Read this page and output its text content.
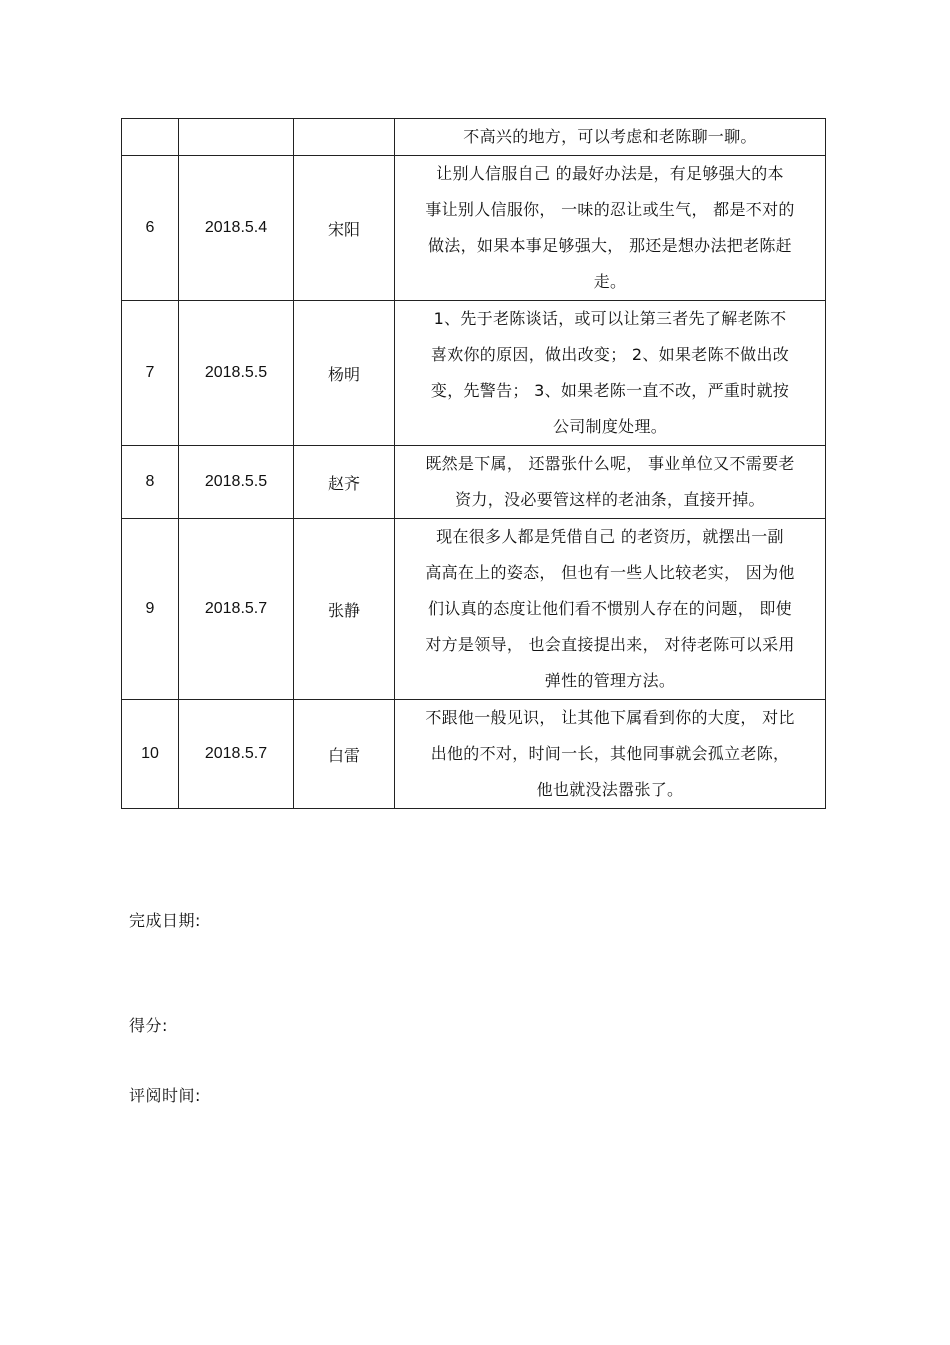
			不高兴的地方，可以考虑和老陈聊一聊。
6	2018.5.4	宋阳	让别人信服自己 的最好办法是，有足够强大的本
事让别人信服你， 一味的忍让或生气， 都是不对的
做法，如果本事足够强大， 那还是想办法把老陈赶
走。
7	2018.5.5	杨明	1、先于老陈谈话，或可以让第三者先了解老陈不
喜欢你的原因，做出改变； 2、如果老陈不做出改
变，先警告； 3、如果老陈一直不改，严重时就按
公司制度处理。
8	2018.5.5	赵齐	既然是下属， 还嚣张什么呢， 事业单位又不需要老
资力，没必要管这样的老油条，直接开掉。
9	2018.5.7	张静	现在很多人都是凭借自己 的老资历，就摆出一副
高高在上的姿态， 但也有一些人比较老实， 因为他
们认真的态度让他们看不惯别人存在的问题， 即使
对方是领导， 也会直接提出来， 对待老陈可以采用
弹性的管理方法。
10	2018.5.7	白雷	不跟他一般见识， 让其他下属看到你的大度， 对比
出他的不对，时间一长，其他同事就会孤立老陈，
他也就没法嚣张了。
完成日期:
得分:
评阅时间:
